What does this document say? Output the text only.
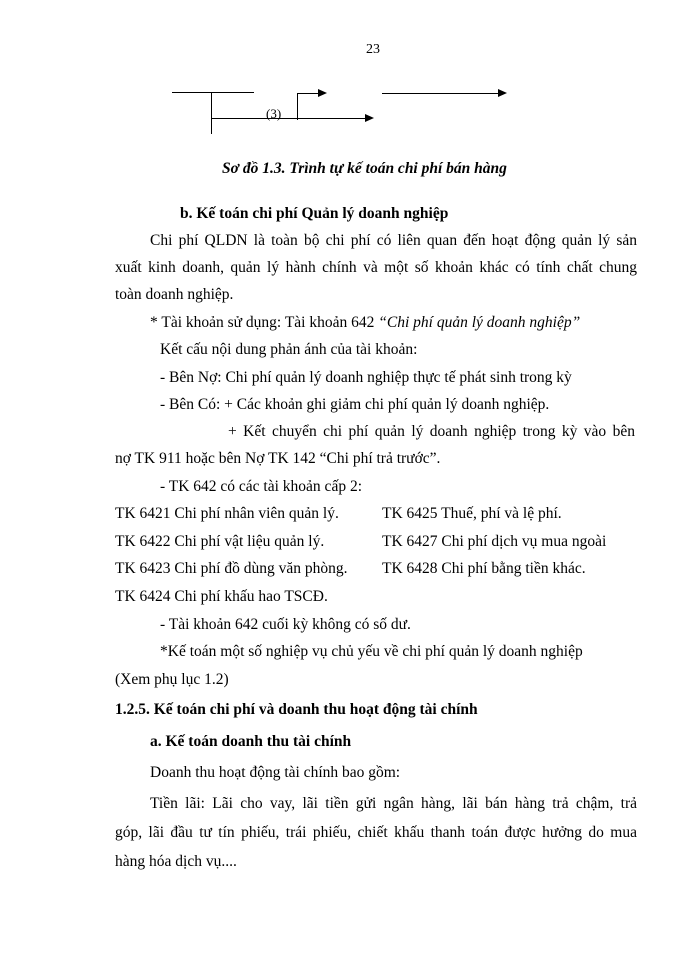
23
(3)
Sơ đồ 1.3. Trình tự kế toán chi phí bán hàng
b. Kế toán chi phí Quản lý doanh nghiệp
Chi phí QLDN là toàn bộ chi phí có liên quan đến hoạt động quản lý sản
xuất kinh doanh, quản lý hành chính và một số khoản khác có tính chất chung
toàn doanh nghiệp.
* Tài khoản sử dụng: Tài khoản 642 “Chi phí quản lý doanh nghiệp”
Kết cấu nội dung phản ánh của tài khoản:
- Bên Nợ: Chi phí quản lý doanh nghiệp thực tế phát sinh trong kỳ
- Bên Có: + Các khoản ghi giảm chi phí quản lý doanh nghiệp.
+ Kết chuyển chi phí quản lý doanh nghiệp trong kỳ vào bên
nợ TK 911 hoặc bên Nợ TK 142 “Chi phí trả trước”.
- TK 642 có các tài khoản cấp 2:
TK 6421 Chi phí nhân viên quản lý.
TK 6422 Chi phí vật liệu quản lý.
TK 6423 Chi phí đồ dùng văn phòng.
TK 6424 Chi phí khấu hao TSCĐ.
TK 6425 Thuế, phí và lệ phí.
TK 6427 Chi phí dịch vụ mua ngoài
TK 6428 Chi phí bằng tiền khác.
- Tài khoản 642 cuối kỳ không có số dư.
*Kế toán một số nghiệp vụ chủ yếu về chi phí quản lý doanh nghiệp
(Xem phụ lục 1.2)
1.2.5. Kế toán chi phí và doanh thu hoạt động tài chính
a. Kế toán doanh thu tài chính
Doanh thu hoạt động tài chính bao gồm:
Tiền lãi: Lãi cho vay, lãi tiền gửi ngân hàng, lãi bán hàng trả chậm, trả
góp, lãi đầu tư tín phiếu, trái phiếu, chiết khấu thanh toán được hưởng do mua
hàng hóa dịch vụ....
